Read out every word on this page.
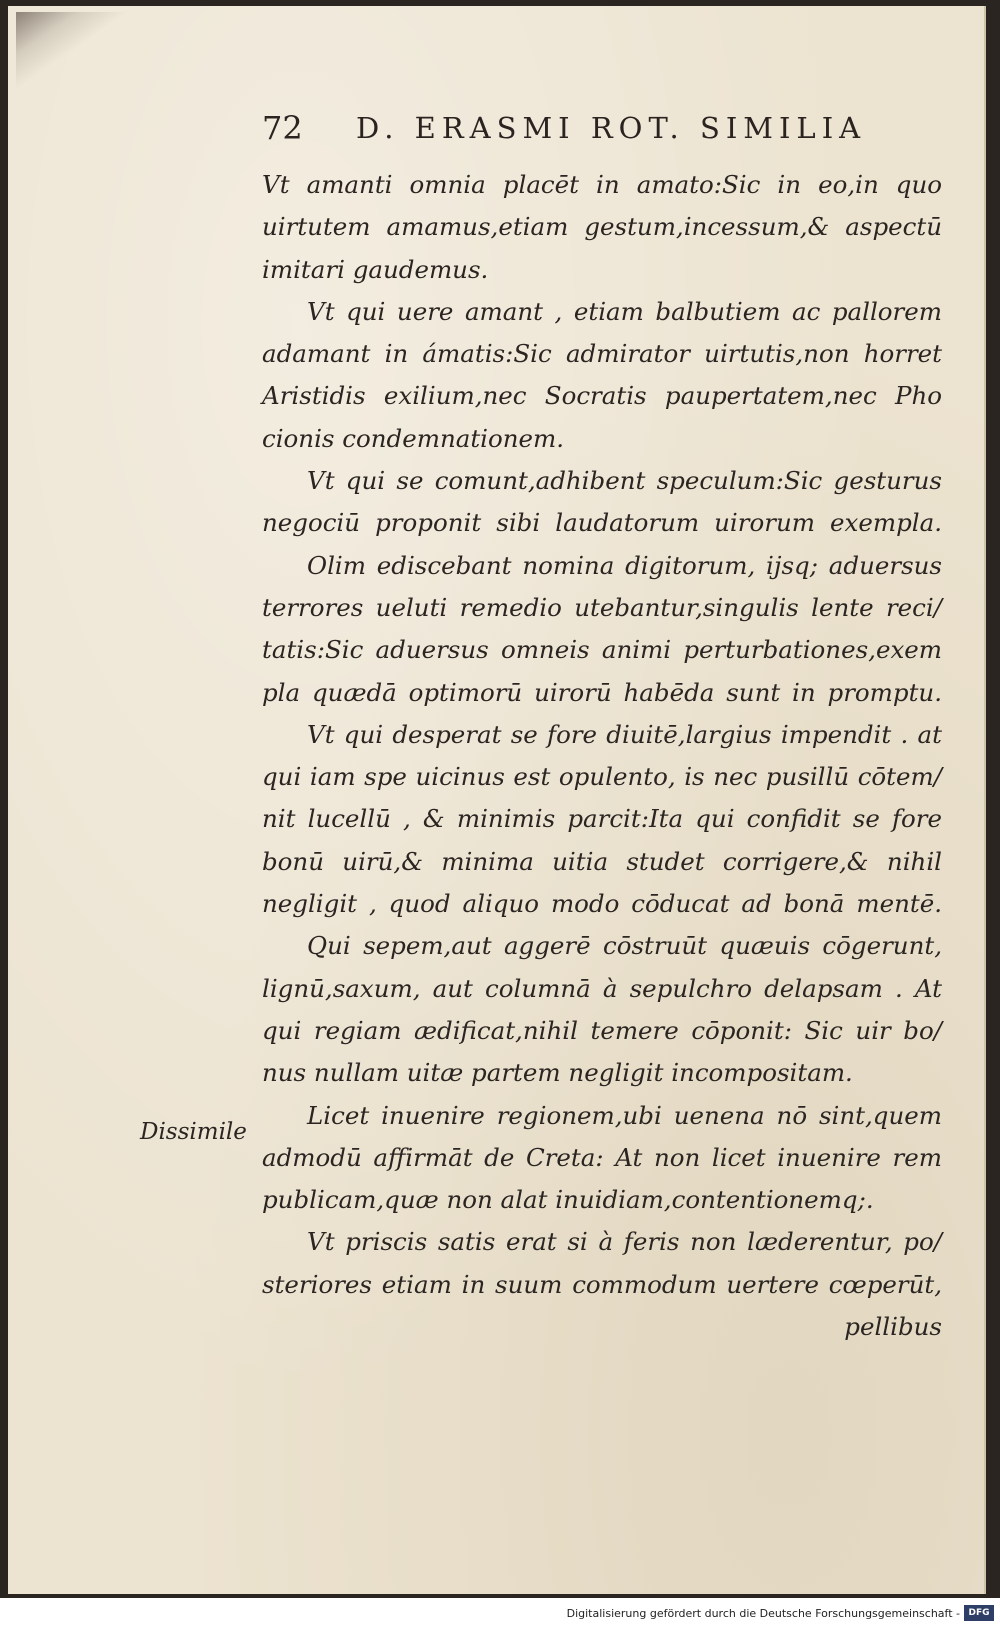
72 D. ERASMI ROT. SIMILIA
Vt amanti omnia placēt in amato:Sic in eo,in quo
uirtutem amamus,etiam gestum,incessum,& aspectū
imitari gaudemus.
Vt qui uere amant , etiam balbutiem ac pallorem
adamant in ámatis:Sic admirator uirtutis,non horret
Aristidis exilium,nec Socratis paupertatem,nec Pho
cionis condemnationem.
Vt qui se comunt,adhibent speculum:Sic gesturus
negociū proponit sibi laudatorum uirorum exempla.
Olim ediscebant nomina digitorum, ijsq; aduersus
terrores ueluti remedio utebantur,singulis lente reci/
tatis:Sic aduersus omneis animi perturbationes,exem
pla quædā optimorū uirorū habēda sunt in promptu.
Vt qui desperat se fore diuitē,largius impendit . at
qui iam spe uicinus est opulento, is nec pusillū cōtem/
nit lucellū , & minimis parcit:Ita qui confidit se fore
bonū uirū,& minima uitia studet corrigere,& nihil
negligit , quod aliquo modo cōducat ad bonā mentē.
Qui sepem,aut aggerē cōstruūt quæuis cōgerunt,
lignū,saxum, aut columnā à sepulchro delapsam . At
qui regiam ædificat,nihil temere cōponit: Sic uir bo/
nus nullam uitæ partem negligit incompositam.
Licet inuenire regionem,ubi uenena nō sint,quem
admodū affirmāt de Creta: At non licet inuenire rem
publicam,quæ non alat inuidiam,contentionemq;.
Vt priscis satis erat si à feris non læderentur, po/
steriores etiam in suum commodum uertere cœperūt,
pellibus
Dissimile
Digitalisierung gefördert durch die Deutsche Forschungsgemeinschaft - DFG
